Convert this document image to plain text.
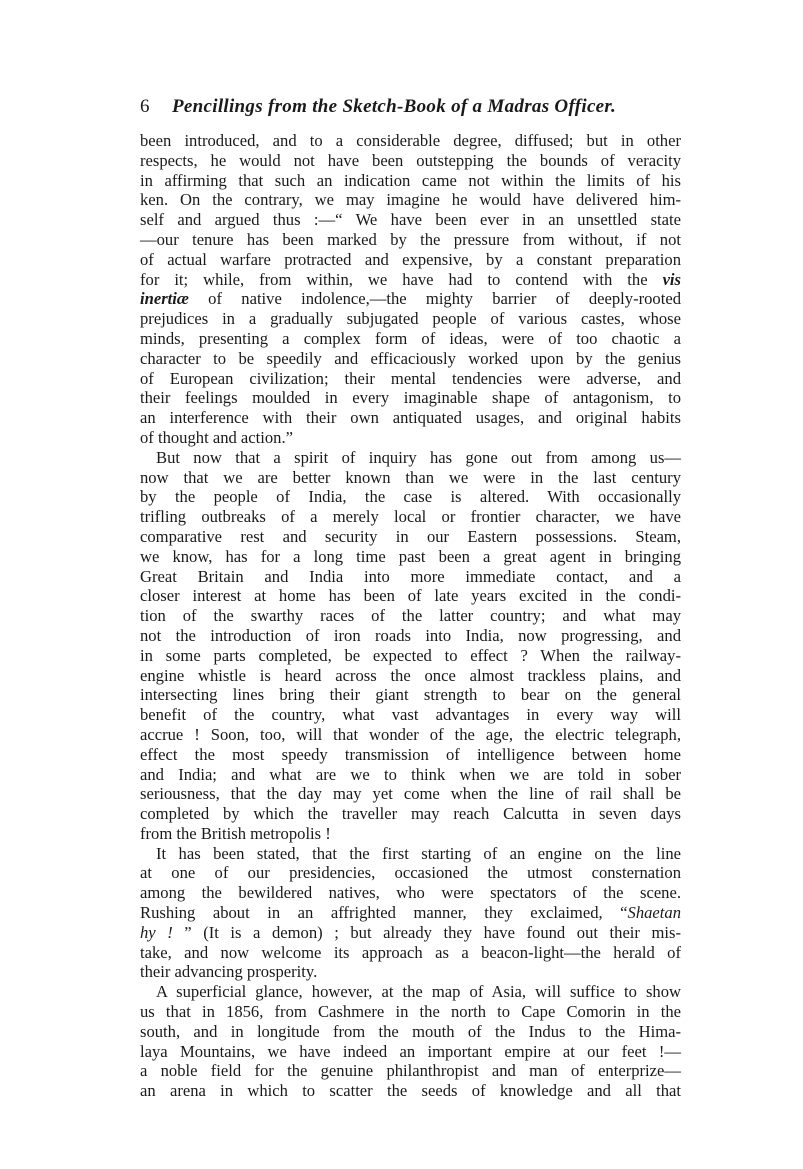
6	Pencillings from the Sketch-Book of a Madras Officer.
been introduced, and to a considerable degree, diffused; but in other
respects, he would not have been outstepping the bounds of veracity
in affirming that such an indication came not within the limits of his
ken. On the contrary, we may imagine he would have delivered him-
self and argued thus :—“ We have been ever in an unsettled state
—our tenure has been marked by the pressure from without, if not
of actual warfare protracted and expensive, by a constant preparation
for it; while, from within, we have had to contend with the vis
inertiæ of native indolence,—the mighty barrier of deeply-rooted
prejudices in a gradually subjugated people of various castes, whose
minds, presenting a complex form of ideas, were of too chaotic a
character to be speedily and efficaciously worked upon by the genius
of European civilization; their mental tendencies were adverse, and
their feelings moulded in every imaginable shape of antagonism, to
an interference with their own antiquated usages, and original habits
of thought and action.”
But now that a spirit of inquiry has gone out from among us—
now that we are better known than we were in the last century
by the people of India, the case is altered. With occasionally
trifling outbreaks of a merely local or frontier character, we have
comparative rest and security in our Eastern possessions. Steam,
we know, has for a long time past been a great agent in bringing
Great Britain and India into more immediate contact, and a
closer interest at home has been of late years excited in the condi-
tion of the swarthy races of the latter country; and what may
not the introduction of iron roads into India, now progressing, and
in some parts completed, be expected to effect ? When the railway-
engine whistle is heard across the once almost trackless plains, and
intersecting lines bring their giant strength to bear on the general
benefit of the country, what vast advantages in every way will
accrue ! Soon, too, will that wonder of the age, the electric telegraph,
effect the most speedy transmission of intelligence between home
and India; and what are we to think when we are told in sober
seriousness, that the day may yet come when the line of rail shall be
completed by which the traveller may reach Calcutta in seven days
from the British metropolis !
It has been stated, that the first starting of an engine on the line
at one of our presidencies, occasioned the utmost consternation
among the bewildered natives, who were spectators of the scene.
Rushing about in an affrighted manner, they exclaimed, “Shaetan
hy ! ” (It is a demon) ; but already they have found out their mis-
take, and now welcome its approach as a beacon-light—the herald of
their advancing prosperity.
A superficial glance, however, at the map of Asia, will suffice to show
us that in 1856, from Cashmere in the north to Cape Comorin in the
south, and in longitude from the mouth of the Indus to the Hima-
laya Mountains, we have indeed an important empire at our feet !—
a noble field for the genuine philanthropist and man of enterprize—
an arena in which to scatter the seeds of knowledge and all that
